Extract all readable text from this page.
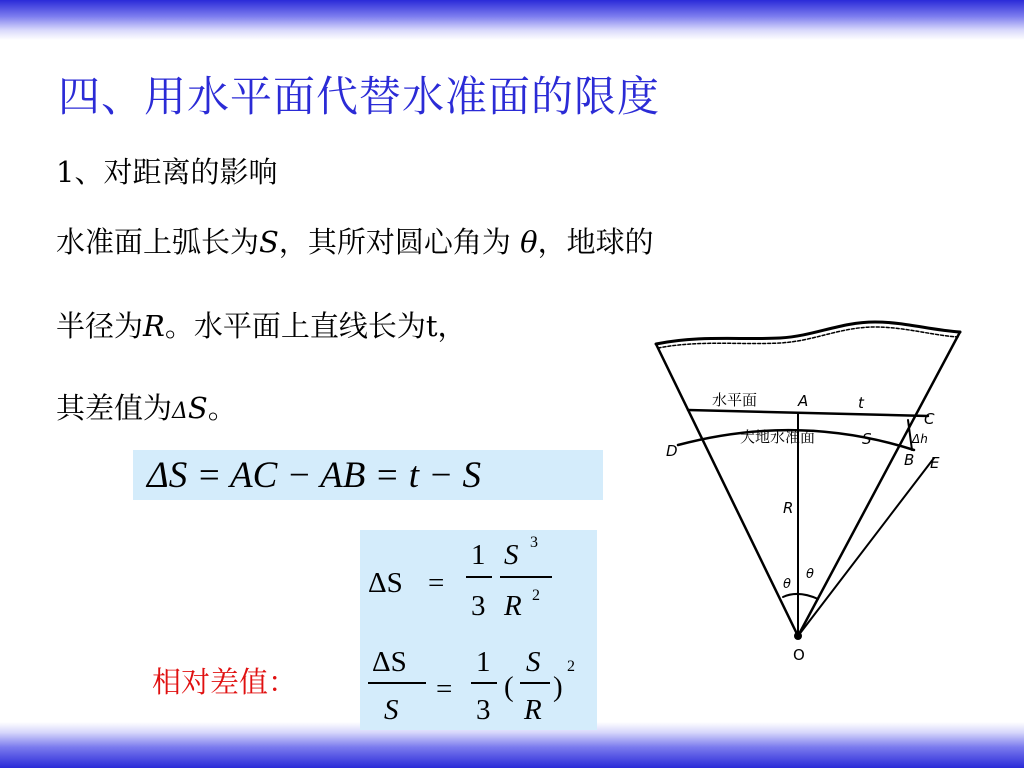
四、用水平面代替水准面的限度
1、对距离的影响
水准面上弧长为S，其所对圆心角为 θ，地球的
半径为R。水平面上直线长为t，
其差值为ΔS。
ΔS = AC − AB = t − S
ΔS =
1
3
S 3
R 2
ΔS
S
=
1
3
(
S
R
)
2
相对差值：
水平面	A	t
C
Δh
大地水准面	S
D	B E
R
θ
θ
O
